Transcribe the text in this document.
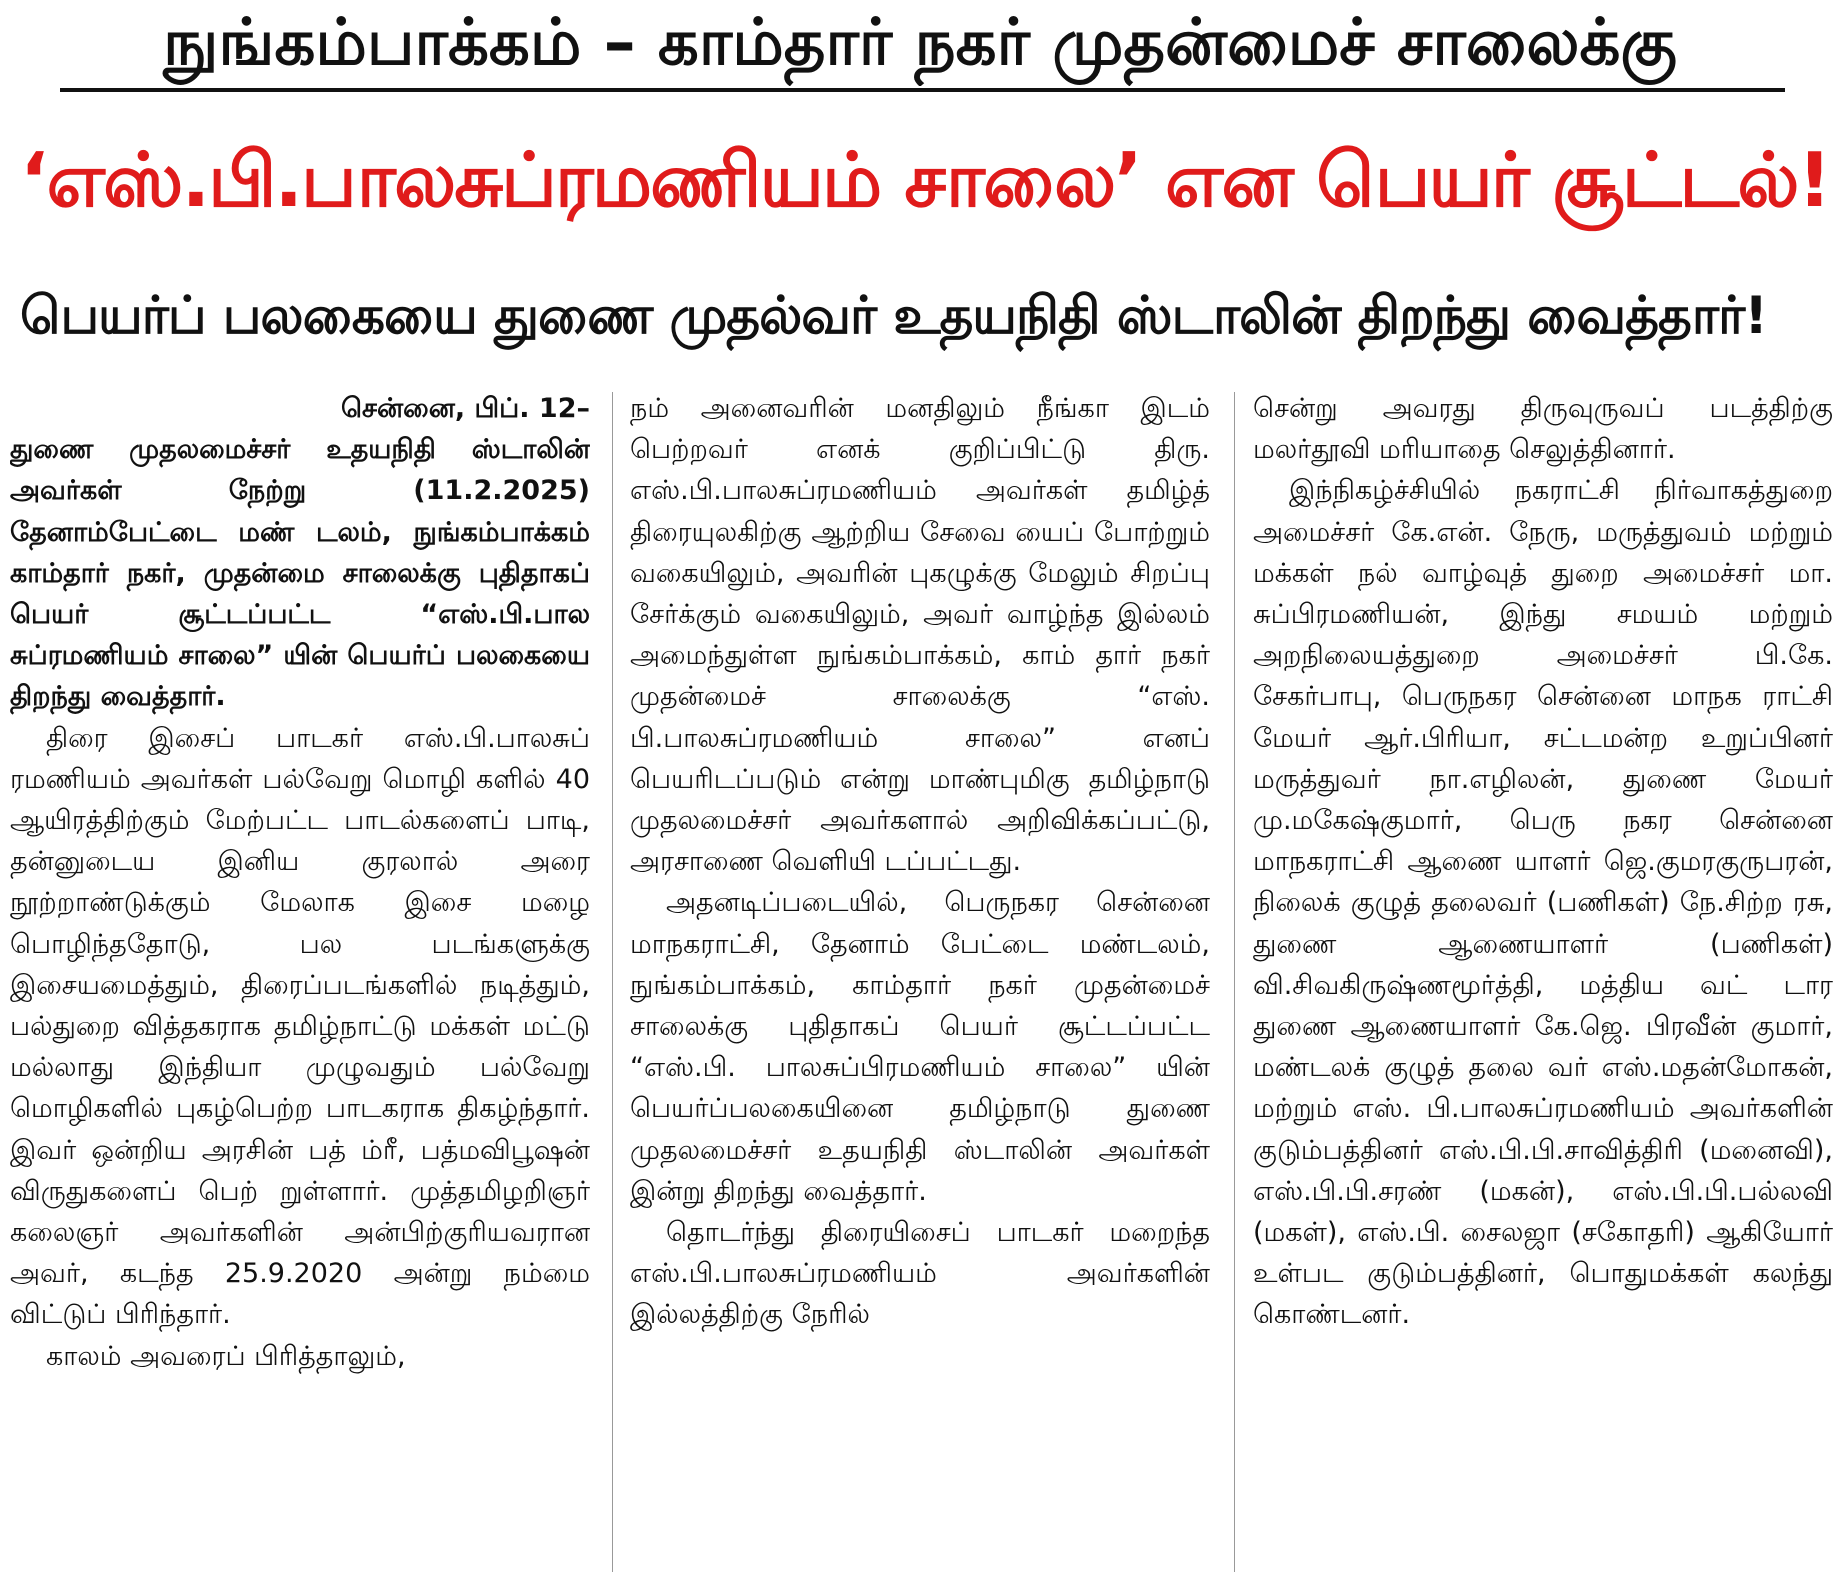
நுங்கம்பாக்கம் – காம்தார் நகர் முதன்மைச் சாலைக்கு
‘எஸ்.பி.பாலசுப்ரமணியம் சாலை’ என பெயர் சூட்டல்!
பெயர்ப் பலகையை துணை முதல்வர் உதயநிதி ஸ்டாலின் திறந்து வைத்தார்!

சென்னை, பிப். 12–

துணை முதலமைச்சர் உதயநிதி ஸ்டாலின் அவர்கள் நேற்று (11.2.2025) தேனாம்பேட்டை மண் டலம், நுங்கம்பாக்கம் காம்தார் நகர், முதன்மை சாலைக்கு புதிதாகப் பெயர் சூட்டப்பட்ட “எஸ்.பி.பால சுப்ரமணியம் சாலை” யின் பெயர்ப் பலகையை திறந்து வைத்தார்.

திரை இசைப் பாடகர் எஸ்.பி.பாலசுப் ரமணியம் அவர்கள் பல்வேறு மொழி களில் 40 ஆயிரத்திற்கும் மேற்பட்ட பாடல்களைப் பாடி, தன்னுடைய இனிய குரலால் அரை நூற்றாண்டுக்கும் மேலாக இசை மழை பொழிந்ததோடு, பல படங்களுக்கு இசையமைத்தும், திரைப்படங்களில் நடித்தும், பல்துறை வித்தகராக தமிழ்நாட்டு மக்கள் மட்டு மல்லாது இந்தியா முழுவதும் பல்வேறு மொழிகளில் புகழ்பெற்ற பாடகராக திகழ்ந்தார். இவர் ஒன்றிய அரசின் பத் ம்ரீ, பத்மவிபூஷன் விருதுகளைப் பெற் றுள்ளார். முத்தமிழறிஞர் கலைஞர் அவர்களின் அன்பிற்குரியவரான அவர், கடந்த 25.9.2020 அன்று நம்மை விட்டுப் பிரிந்தார்.

காலம் அவரைப் பிரித்தாலும்,

நம் அனைவரின் மனதிலும் நீங்கா இடம் பெற்றவர் எனக் குறிப்பிட்டு திரு. எஸ்.பி.பாலசுப்ரமணியம் அவர்கள் தமிழ்த் திரையுலகிற்கு ஆற்றிய சேவை யைப் போற்றும் வகையிலும், அவரின் புகழுக்கு மேலும் சிறப்பு சேர்க்கும் வகையிலும், அவர் வாழ்ந்த இல்லம் அமைந்துள்ள நுங்கம்பாக்கம், காம் தார் நகர் முதன்மைச் சாலைக்கு “எஸ். பி.பாலசுப்ரமணியம் சாலை” எனப் பெயரிடப்படும் என்று மாண்புமிகு தமிழ்நாடு முதலமைச்சர் அவர்களால் அறிவிக்கப்பட்டு, அரசாணை வெளியி டப்பட்டது.

அதனடிப்படையில், பெருநகர சென்னை மாநகராட்சி, தேனாம் பேட்டை மண்டலம், நுங்கம்பாக்கம், காம்தார் நகர் முதன்மைச் சாலைக்கு புதிதாகப் பெயர் சூட்டப்பட்ட “எஸ்.பி. பாலசுப்பிரமணியம் சாலை” யின் பெயர்ப்பலகையினை தமிழ்நாடு துணை முதலமைச்சர் உதயநிதி ஸ்டாலின் அவர்கள் இன்று திறந்து வைத்தார்.

தொடர்ந்து திரையிசைப் பாடகர் மறைந்த எஸ்.பி.பாலசுப்ரமணியம் அவர்களின் இல்லத்திற்கு நேரில்

சென்று அவரது திருவுருவப் படத்திற்கு மலர்தூவி மரியாதை செலுத்தினார்.

இந்நிகழ்ச்சியில் நகராட்சி நிர்வாகத்துறை அமைச்சர் கே.என். நேரு, மருத்துவம் மற்றும் மக்கள் நல் வாழ்வுத் துறை அமைச்சர் மா. சுப்பிரமணியன், இந்து சமயம் மற்றும் அறநிலையத்துறை அமைச்சர் பி.கே. சேகர்பாபு, பெருநகர சென்னை மாநக ராட்சி மேயர் ஆர்.பிரியா, சட்டமன்ற உறுப்பினர் மருத்துவர் நா.எழிலன், துணை மேயர் மு.மகேஷ்குமார், பெரு நகர சென்னை மாநகராட்சி ஆணை யாளர் ஜெ.குமரகுருபரன், நிலைக் குழுத் தலைவர் (பணிகள்) நே.சிற்ற ரசு, துணை ஆணையாளர் (பணிகள்) வி.சிவகிருஷ்ணமூர்த்தி, மத்திய வட் டார துணை ஆணையாளர் கே.ஜெ. பிரவீன் குமார், மண்டலக் குழுத் தலை வர் எஸ்.மதன்மோகன், மற்றும் எஸ். பி.பாலசுப்ரமணியம் அவர்களின் குடும்பத்தினர் எஸ்.பி.பி.சாவித்திரி (மனைவி), எஸ்.பி.பி.சரண் (மகன்), எஸ்.பி.பி.பல்லவி (மகள்), எஸ்.பி. சைலஜா (சகோதரி) ஆகியோர் உள்பட குடும்பத்தினர், பொதுமக்கள் கலந்து கொண்டனர்.
